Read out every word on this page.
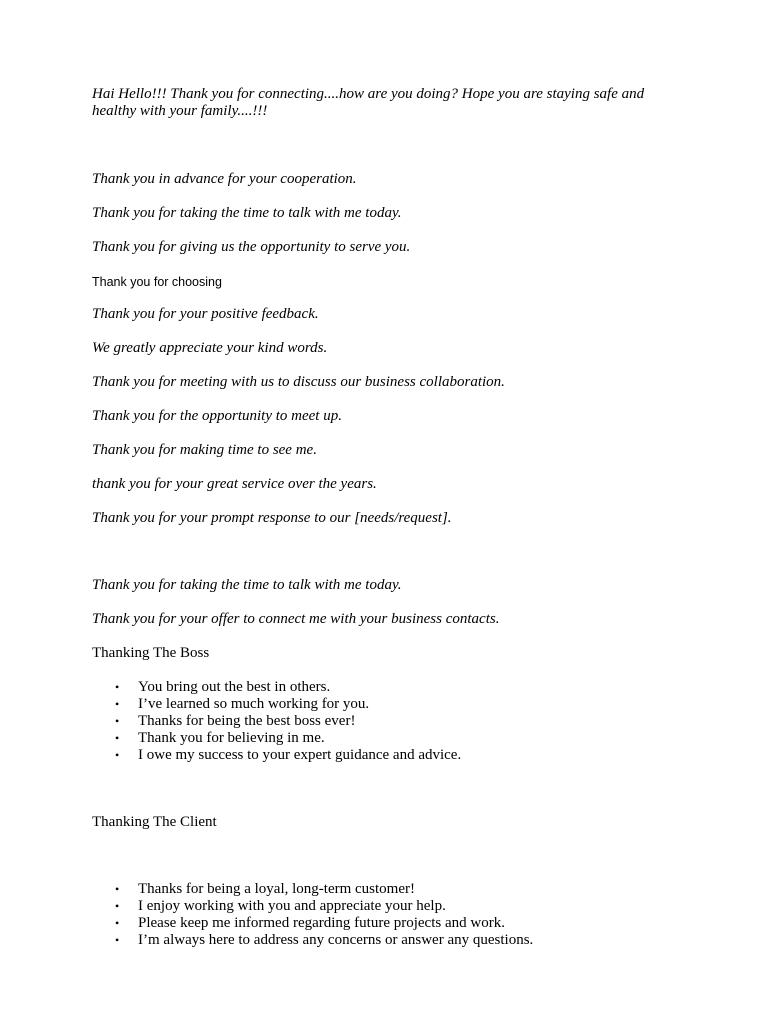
Hai Hello!!! Thank you for connecting....how are you doing? Hope you are staying safe and healthy with your family....!!!
Thank you in advance for your cooperation.
Thank you for taking the time to talk with me today.
Thank you for giving us the opportunity to serve you.
Thank you for choosing
Thank you for your positive feedback.
We greatly appreciate your kind words.
Thank you for meeting with us to discuss our business collaboration.
Thank you for the opportunity to meet up.
Thank you for making time to see me.
thank you for your great service over the years.
Thank you for your prompt response to our [needs/request].
Thank you for taking the time to talk with me today.
Thank you for your offer to connect me with your business contacts.
Thanking The Boss
• You bring out the best in others.
• I’ve learned so much working for you.
• Thanks for being the best boss ever!
• Thank you for believing in me.
• I owe my success to your expert guidance and advice.
Thanking The Client
• Thanks for being a loyal, long-term customer!
• I enjoy working with you and appreciate your help.
• Please keep me informed regarding future projects and work.
• I’m always here to address any concerns or answer any questions.
